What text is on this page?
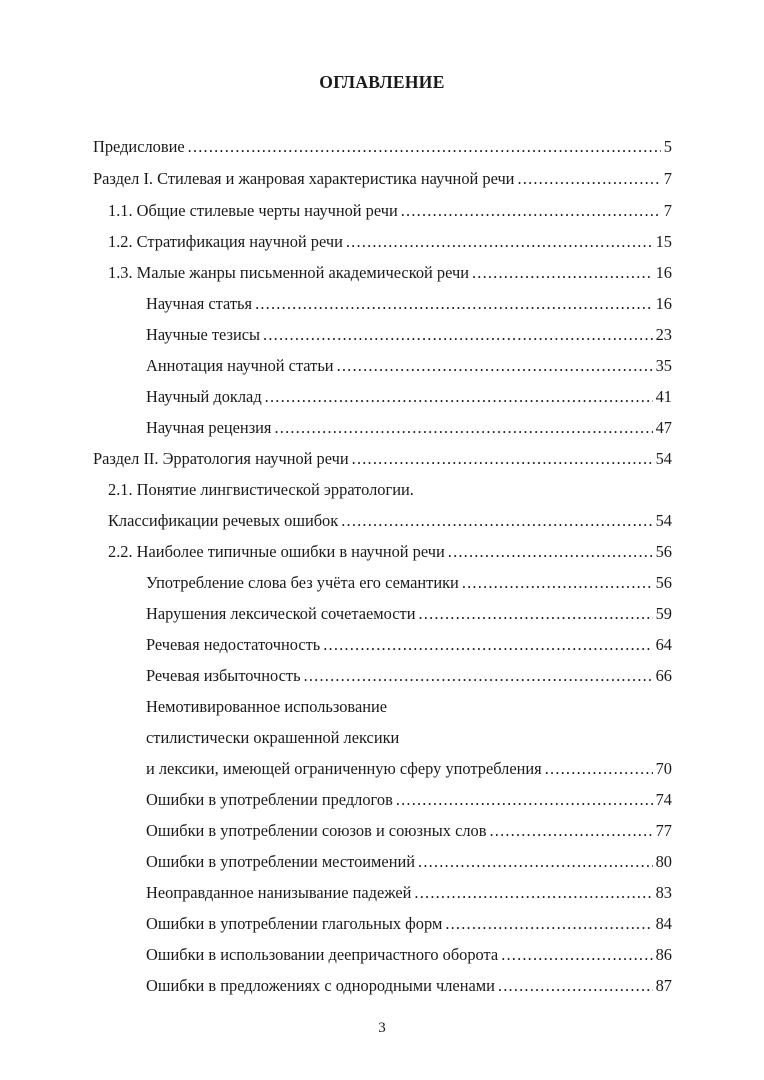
ОГЛАВЛЕНИЕ
Предисловие .....	5
Раздел I. Стилевая и жанровая характеристика научной речи .....	7
1.1. Общие стилевые черты научной речи .....	7
1.2. Стратификация научной речи .....	15
1.3. Малые жанры письменной академической речи .....	16
Научная статья .....	16
Научные тезисы .....	23
Аннотация научной статьи .....	35
Научный доклад .....	41
Научная рецензия .....	47
Раздел II. Эрратология научной речи .....	54
2.1. Понятие лингвистической эрратологии.
Классификации речевых ошибок .....	54
2.2. Наиболее типичные ошибки в научной речи .....	56
Употребление слова без учёта его семантики .....	56
Нарушения лексической сочетаемости .....	59
Речевая недостаточность .....	64
Речевая избыточность .....	66
Немотивированное использование
стилистически окрашенной лексики
и лексики, имеющей ограниченную сферу употребления .....	70
Ошибки в употреблении предлогов .....	74
Ошибки в употреблении союзов и союзных слов .....	77
Ошибки в употреблении местоимений .....	80
Неоправданное нанизывание падежей .....	83
Ошибки в употреблении глагольных форм .....	84
Ошибки в использовании деепричастного оборота .....	86
Ошибки в предложениях с однородными членами .....	87
3
